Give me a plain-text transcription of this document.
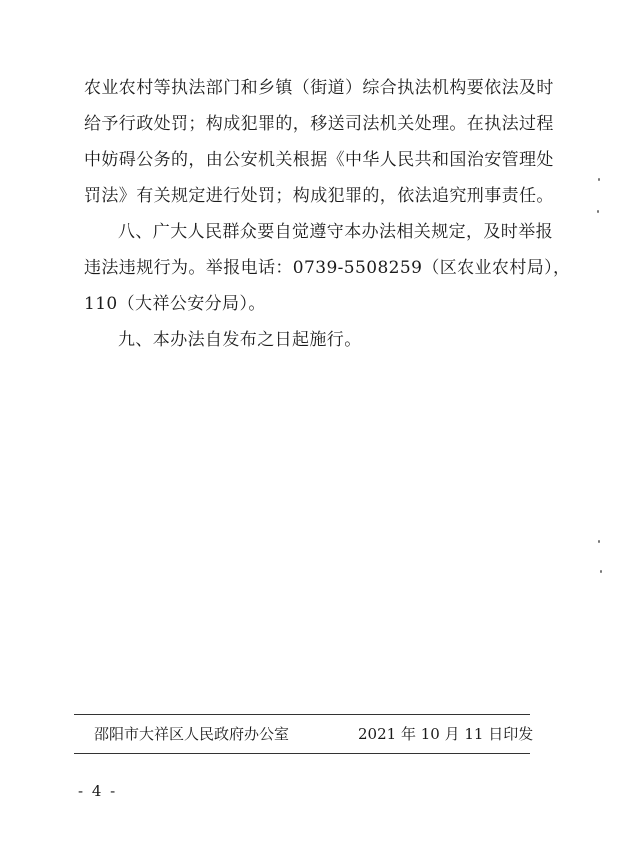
农业农村等执法部门和乡镇（街道）综合执法机构要依法及时
给予行政处罚；构成犯罪的，移送司法机关处理。在执法过程
中妨碍公务的，由公安机关根据《中华人民共和国治安管理处
罚法》有关规定进行处罚；构成犯罪的，依法追究刑事责任。
八、广大人民群众要自觉遵守本办法相关规定，及时举报
违法违规行为。举报电话：0739-5508259（区农业农村局），
110（大祥公安分局）。
九、本办法自发布之日起施行。
邵阳市大祥区人民政府办公室	2021 年 10 月 11 日印发
- 4 -
